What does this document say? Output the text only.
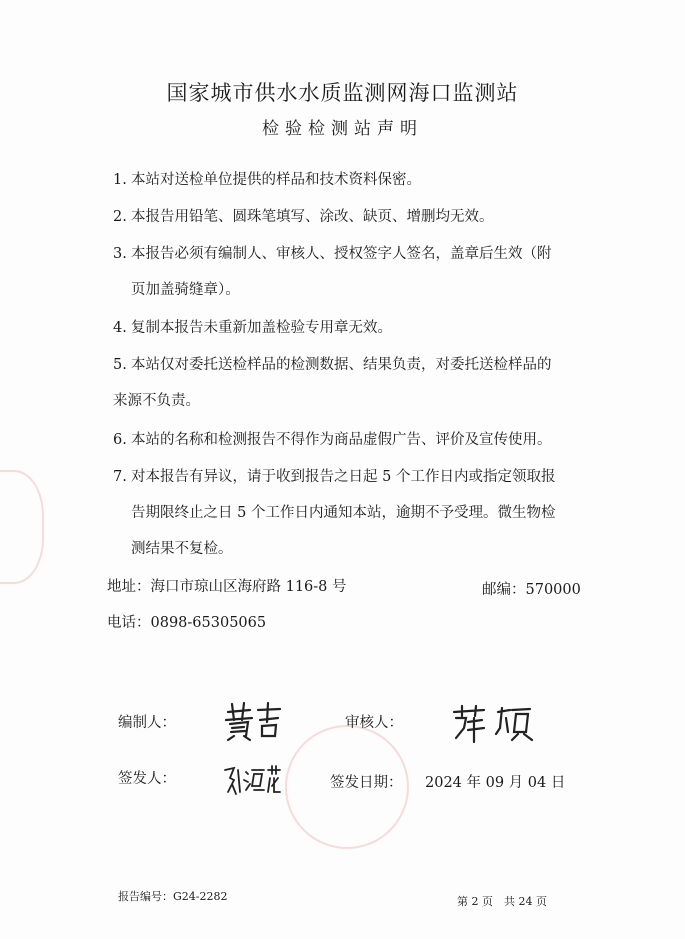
国家城市供水水质监测网海口监测站
检验检测站声明
1. 本站对送检单位提供的样品和技术资料保密。
2. 本报告用铅笔、圆珠笔填写、涂改、缺页、增删均无效。
3. 本报告必须有编制人、审核人、授权签字人签名，盖章后生效（附
页加盖骑缝章）。
4. 复制本报告未重新加盖检验专用章无效。
5. 本站仅对委托送检样品的检测数据、结果负责，对委托送检样品的
来源不负责。
6. 本站的名称和检测报告不得作为商品虚假广告、评价及宣传使用。
7. 对本报告有异议，请于收到报告之日起 5 个工作日内或指定领取报
告期限终止之日 5 个工作日内通知本站，逾期不予受理。微生物检
测结果不复检。
地址：海口市琼山区海府路 116-8 号	邮编：570000
电话：0898-65305065
编制人：	审核人：
签发人：	签发日期： 2024 年 09 月 04 日
报告编号：G24-2282	第 2 页　共 24 页
